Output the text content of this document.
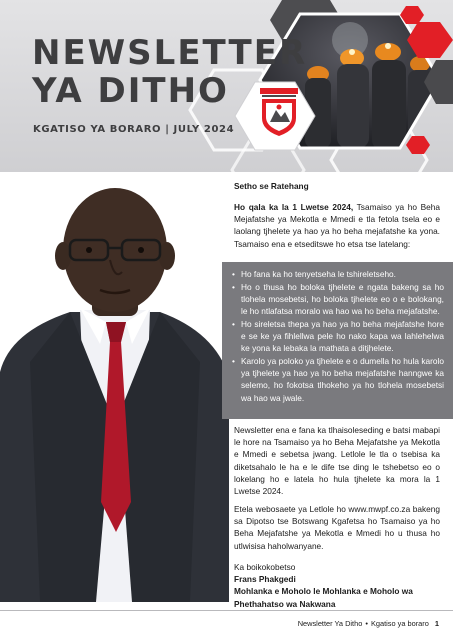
NEWSLETTER
YA DITHO

KGATISO YA BORARO | JULY 2024

Setho se Ratehang
Ho qala ka la 1 Lwetse 2024, Tsamaiso ya ho Beha Mejafatshe ya Mekotla e Mmedi e tla fetola tsela eo e laolang tjhelete ya hao ya ho beha mejafatshe ka yona. Tsamaiso ena e etseditswe ho etsa tse latelang:
• Ho fana ka ho tenyetseha le tshireletseho.
• Ho o thusa ho boloka tjhelete e ngata bakeng sa ho tlohela mosebetsi, ho boloka tjhelete eo o e bolokang, le ho ntlafatsa moralo wa hao wa ho beha mejafatshe.
• Ho sireletsa thepa ya hao ya ho beha mejafatshe hore e se ke ya fihlellwa pele ho nako kapa wa lahlehelwa ke yona ka lebaka la mathata a ditjhelete.
• Karolo ya poloko ya tjhelete e o dumella ho hula karolo ya tjhelete ya hao ya ho beha mejafatshe hanngwe ka selemo, ho fokotsa tlhokeho ya ho tlohela mosebetsi wa hao wa jwale.
Newsletter ena e fana ka tlhaisoleseding e batsi mabapi le hore na Tsamaiso ya ho Beha Mejafatshe ya Mekotla e Mmedi e sebetsa jwang. Letlole le tla o tsebisa ka diketsahalo le ha e le dife tse ding le tshebetso eo o lokelang ho e latela ho hula tjhelete ka mora la 1 Lwetse 2024.
Etela webosaete ya Letlole ho www.mwpf.co.za bakeng sa Dipotso tse Botswang Kgafetsa ho Tsamaiso ya ho Beha Mejafatshe ya Mekotla e Mmedi ho u thusa ho utlwisisa haholwanyane.
Ka boikokobetso
Frans Phakgedi
Mohlanka e Moholo le Mohlanka e Moholo wa Phethahatso wa Nakwana
Newsletter Ya Ditho • Kgatiso ya boraro 1
